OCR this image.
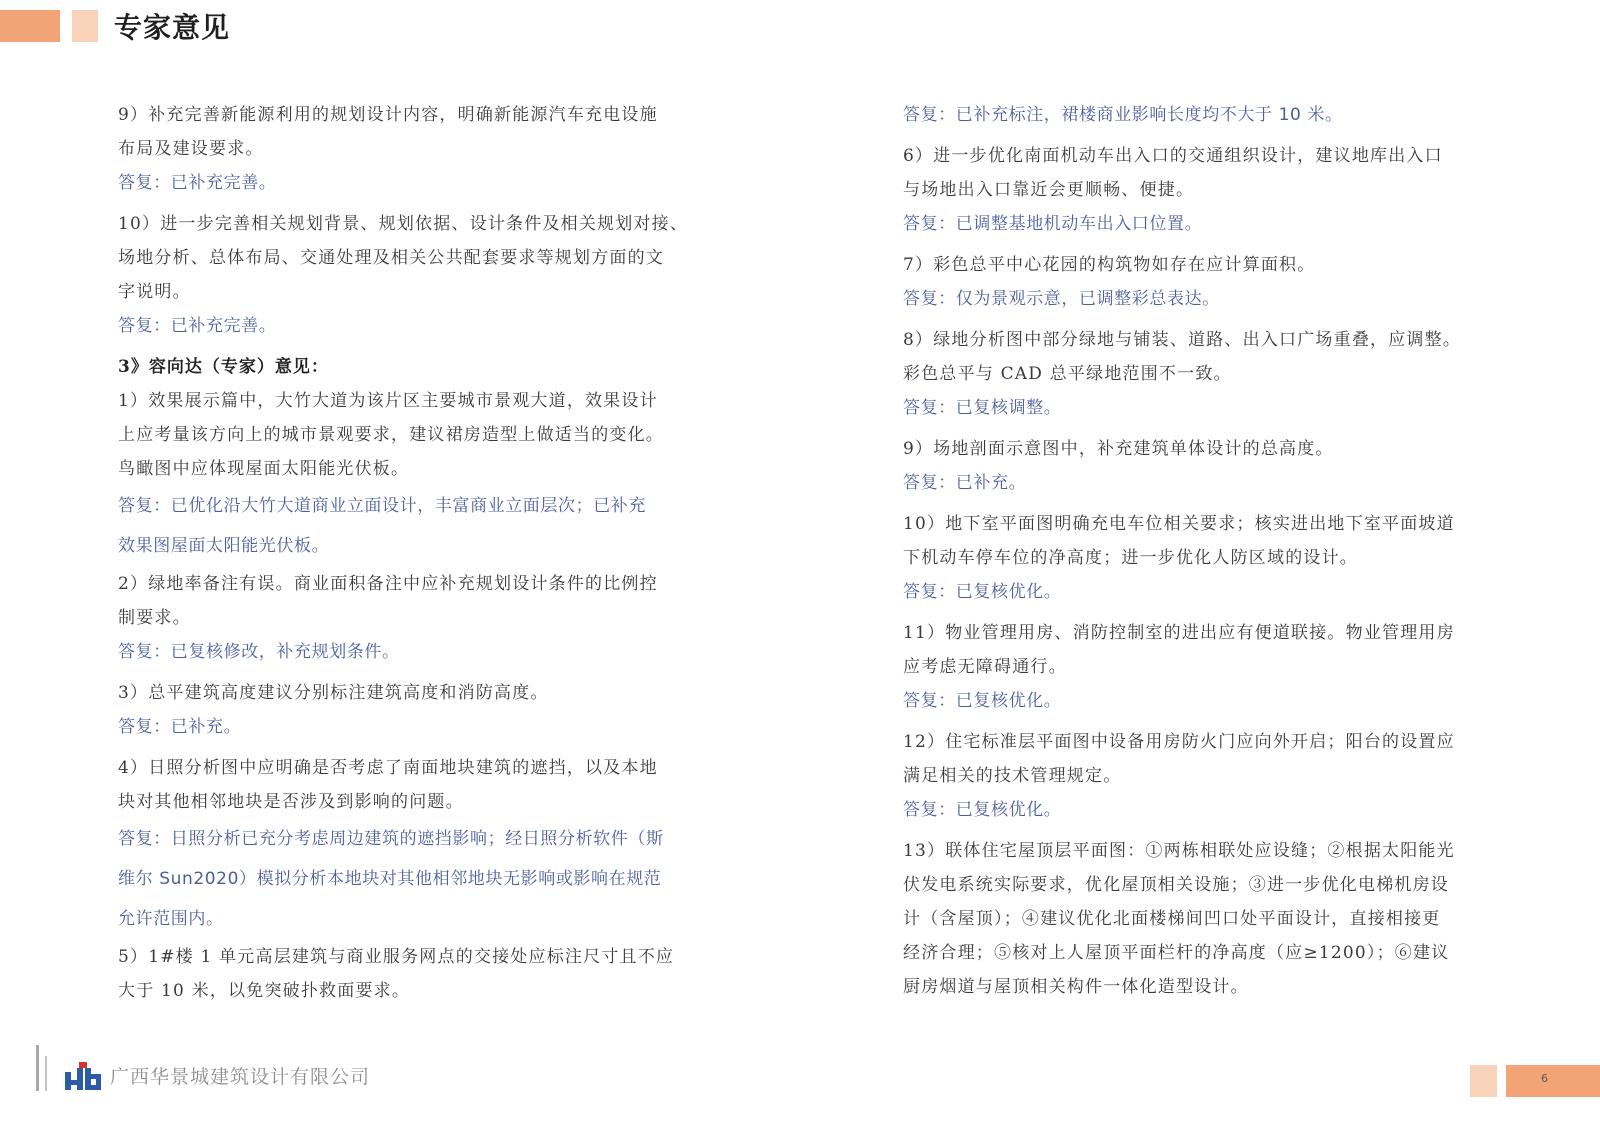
专家意见
9）补充完善新能源利用的规划设计内容，明确新能源汽车充电设施
布局及建设要求。
答复：已补充完善。
10）进一步完善相关规划背景、规划依据、设计条件及相关规划对接、
场地分析、总体布局、交通处理及相关公共配套要求等规划方面的文
字说明。
答复：已补充完善。
3》容向达（专家）意见：
1）效果展示篇中，大竹大道为该片区主要城市景观大道，效果设计
上应考量该方向上的城市景观要求，建议裙房造型上做适当的变化。
鸟瞰图中应体现屋面太阳能光伏板。
答复：已优化沿大竹大道商业立面设计，丰富商业立面层次；已补充
效果图屋面太阳能光伏板。
2）绿地率备注有误。商业面积备注中应补充规划设计条件的比例控
制要求。
答复：已复核修改，补充规划条件。
3）总平建筑高度建议分别标注建筑高度和消防高度。
答复：已补充。
4）日照分析图中应明确是否考虑了南面地块建筑的遮挡，以及本地
块对其他相邻地块是否涉及到影响的问题。
答复：日照分析已充分考虑周边建筑的遮挡影响；经日照分析软件（斯
维尔 Sun2020）模拟分析本地块对其他相邻地块无影响或影响在规范
允许范围内。
5）1#楼 1 单元高层建筑与商业服务网点的交接处应标注尺寸且不应
大于 10 米，以免突破扑救面要求。
答复：已补充标注，裙楼商业影响长度均不大于 10 米。
6）进一步优化南面机动车出入口的交通组织设计，建议地库出入口
与场地出入口靠近会更顺畅、便捷。
答复：已调整基地机动车出入口位置。
7）彩色总平中心花园的构筑物如存在应计算面积。
答复：仅为景观示意，已调整彩总表达。
8）绿地分析图中部分绿地与铺装、道路、出入口广场重叠，应调整。
彩色总平与 CAD 总平绿地范围不一致。
答复：已复核调整。
9）场地剖面示意图中，补充建筑单体设计的总高度。
答复：已补充。
10）地下室平面图明确充电车位相关要求；核实进出地下室平面坡道
下机动车停车位的净高度；进一步优化人防区域的设计。
答复：已复核优化。
11）物业管理用房、消防控制室的进出应有便道联接。物业管理用房
应考虑无障碍通行。
答复：已复核优化。
12）住宅标准层平面图中设备用房防火门应向外开启；阳台的设置应
满足相关的技术管理规定。
答复：已复核优化。
13）联体住宅屋顶层平面图：①两栋相联处应设缝；②根据太阳能光
伏发电系统实际要求，优化屋顶相关设施；③进一步优化电梯机房设
计（含屋顶）；④建议优化北面楼梯间凹口处平面设计，直接相接更
经济合理；⑤核对上人屋顶平面栏杆的净高度（应≥1200）；⑥建议
厨房烟道与屋顶相关构件一体化造型设计。
广西华景城建筑设计有限公司	6
